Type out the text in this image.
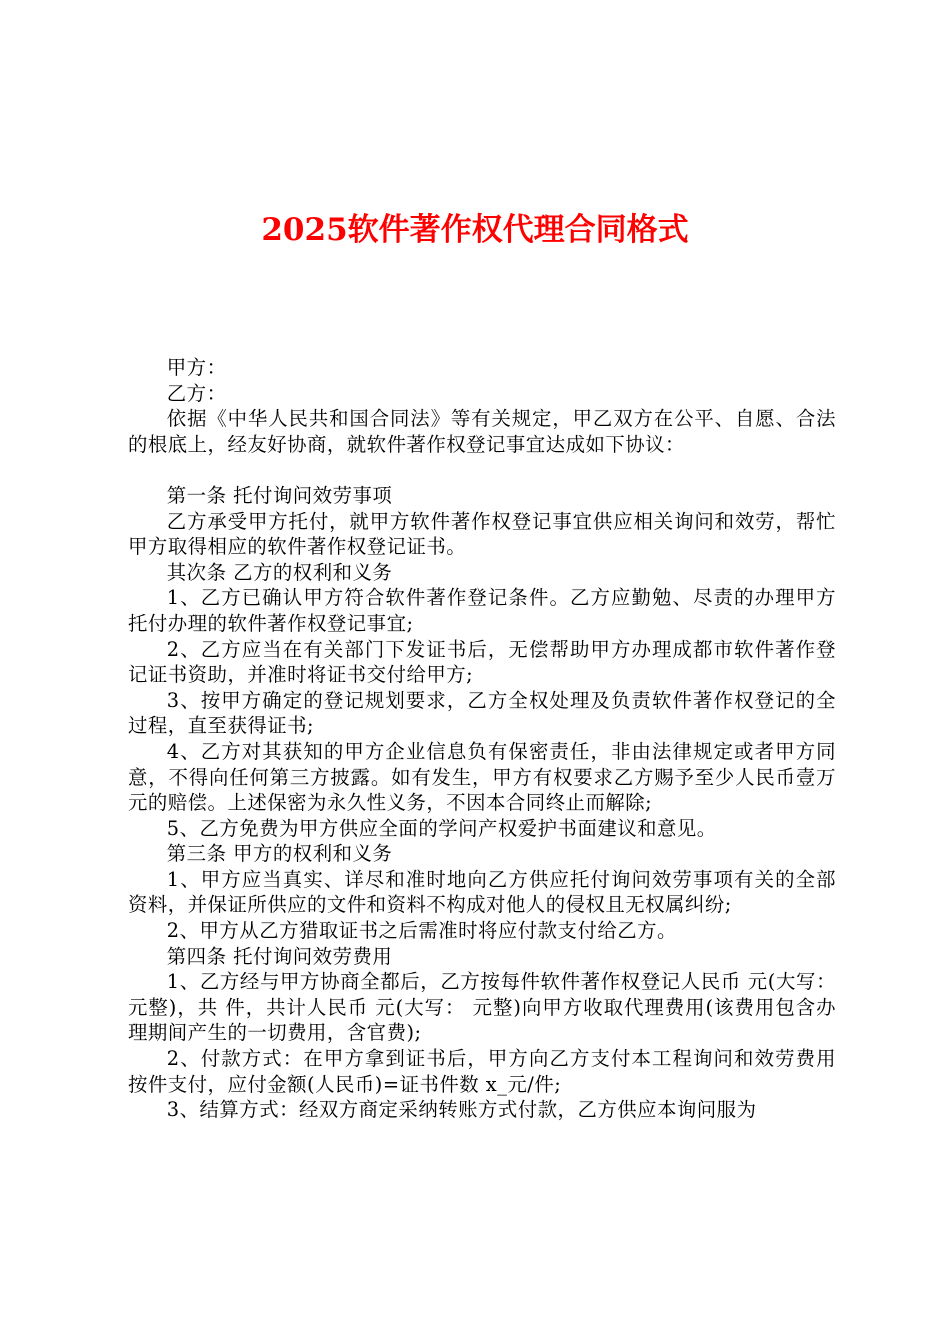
2025软件著作权代理合同格式

甲方：

乙方：

依据《中华人民共和国合同法》等有关规定，甲乙双方在公平、自愿、合法的根底上，经友好协商，就软件著作权登记事宜达成如下协议：

第一条 托付询问效劳事项

乙方承受甲方托付，就甲方软件著作权登记事宜供应相关询问和效劳，帮忙甲方取得相应的软件著作权登记证书。

其次条 乙方的权利和义务

1、乙方已确认甲方符合软件著作登记条件。乙方应勤勉、尽责的办理甲方托付办理的软件著作权登记事宜;

2、乙方应当在有关部门下发证书后，无偿帮助甲方办理成都市软件著作登记证书资助，并准时将证书交付给甲方;

3、按甲方确定的登记规划要求，乙方全权处理及负责软件著作权登记的全过程，直至获得证书;

4、乙方对其获知的甲方企业信息负有保密责任，非由法律规定或者甲方同意，不得向任何第三方披露。如有发生，甲方有权要求乙方赐予至少人民币壹万元的赔偿。上述保密为永久性义务，不因本合同终止而解除;

5、乙方免费为甲方供应全面的学问产权爱护书面建议和意见。

第三条 甲方的权利和义务

1、甲方应当真实、详尽和准时地向乙方供应托付询问效劳事项有关的全部资料，并保证所供应的文件和资料不构成对他人的侵权且无权属纠纷;

2、甲方从乙方猎取证书之后需准时将应付款支付给乙方。

第四条 托付询问效劳费用

1、乙方经与甲方协商全都后，乙方按每件软件著作权登记人民币 元(大写： 元整)，共 件，共计人民币 元(大写： 元整)向甲方收取代理费用(该费用包含办理期间产生的一切费用，含官费);

2、付款方式：在甲方拿到证书后，甲方向乙方支付本工程询问和效劳费用按件支付，应付金额(人民币)=证书件数 x_元/件;

3、结算方式：经双方商定采纳转账方式付款，乙方供应本询问服为
